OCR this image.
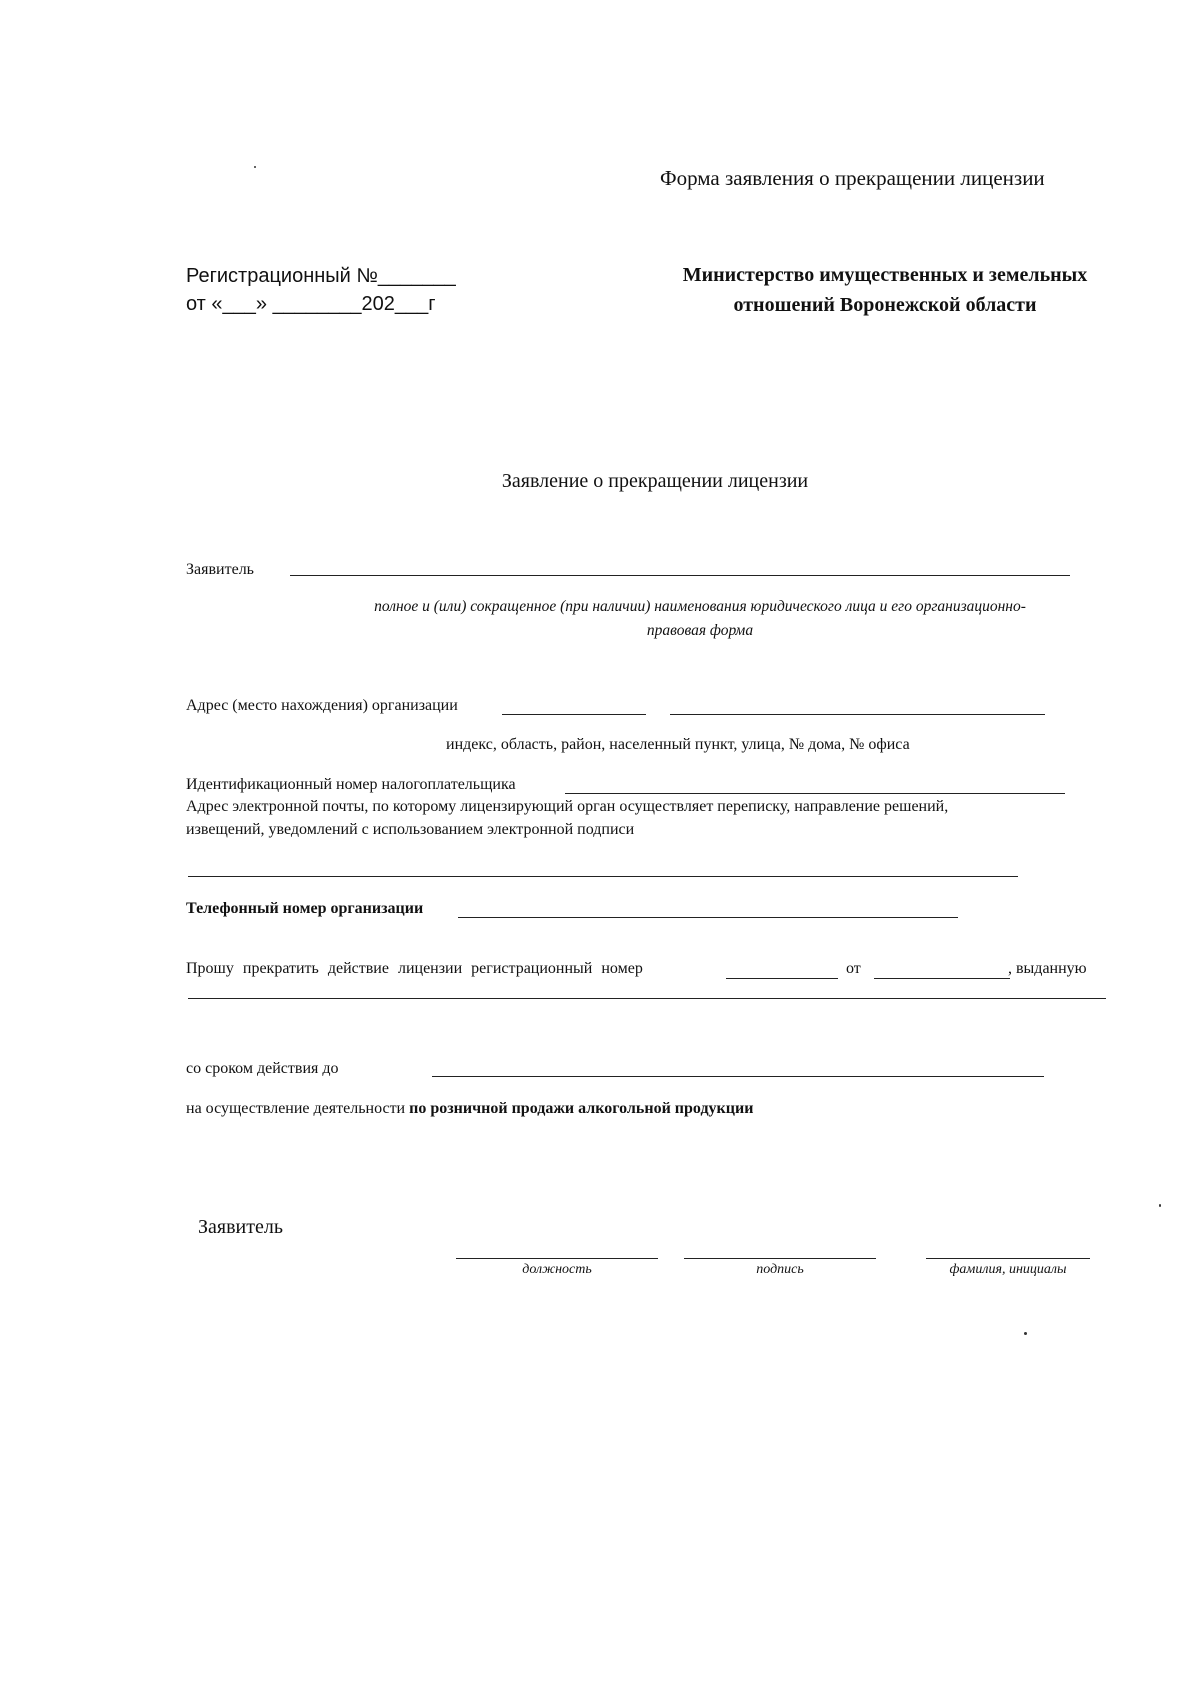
Форма заявления о прекращении лицензии
Регистрационный №_______
от «___» ________202___г
Министерство имущественных и земельных
отношений Воронежской области
Заявление о прекращении лицензии
Заявитель
полное и (или) сокращенное (при наличии) наименования юридического лица и его организационно-
правовая форма
Адрес (место нахождения) организации
индекс, область, район, населенный пункт, улица, № дома, № офиса
Идентификационный номер налогоплательщика
Адрес электронной почты, по которому лицензирующий орган осуществляет переписку, направление решений,
извещений, уведомлений с использованием электронной подписи
Телефонный номер организации
Прошу прекратить действие лицензии регистрационный номер	от	, выданную
со сроком действия до
на осуществление деятельности по розничной продажи алкогольной продукции
Заявитель
должность	подпись	фамилия, инициалы
